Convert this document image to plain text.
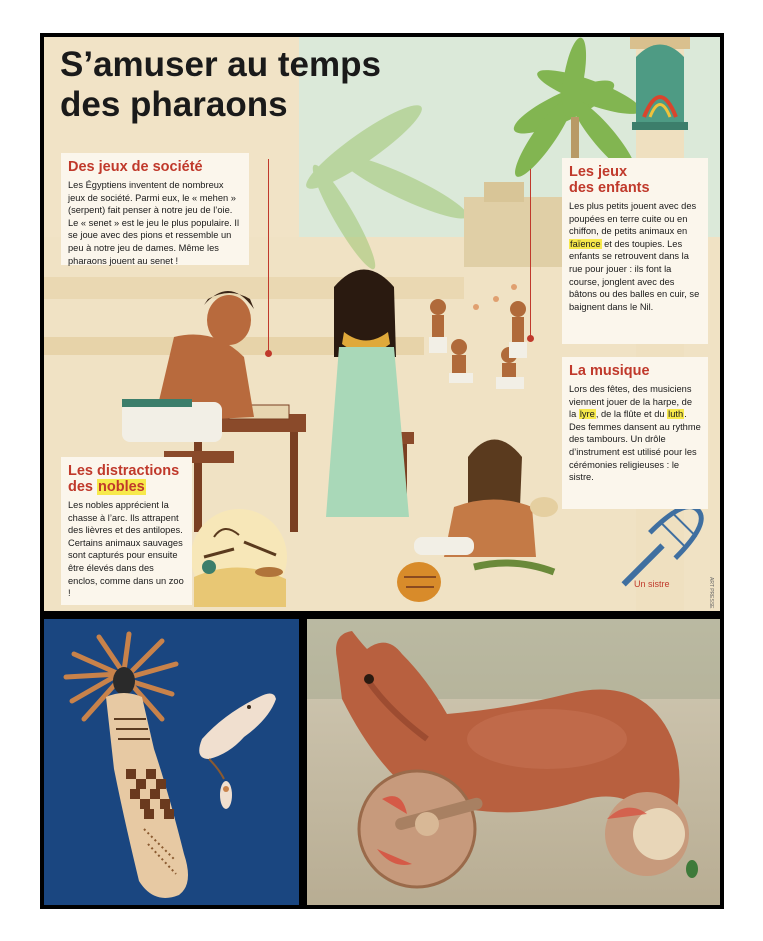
S’amuser au temps
des pharaons
Des jeux de société

Les Égyptiens inventent de nombreux jeux de société. Parmi eux, le « mehen » (serpent) fait penser à notre jeu de l’oie. Le « senet » est le jeu le plus populaire. Il se joue avec des pions et ressemble un peu à notre jeu de dames. Même les pharaons jouent au senet !

Les jeux
des enfants

Les plus petits jouent avec des poupées en terre cuite ou en chiffon, de petits animaux en faïence et des toupies. Les enfants se retrouvent dans la rue pour jouer : ils font la course, jonglent avec des bâtons ou des balles en cuir, se baignent dans le Nil.

Les distractions
des nobles

Les nobles apprécient la chasse à l’arc. Ils attrapent des lièvres et des antilopes. Certains animaux sauvages sont capturés pour ensuite être élevés dans des enclos, comme dans un zoo !

La musique

Lors des fêtes, des musiciens viennent jouer de la harpe, de la lyre, de la flûte et du luth. Des femmes dansent au rythme des tambours. Un drôle d’instrument est utilisé pour les cérémonies religieuses : le sistre.

Un sistre	ART PRESSE
